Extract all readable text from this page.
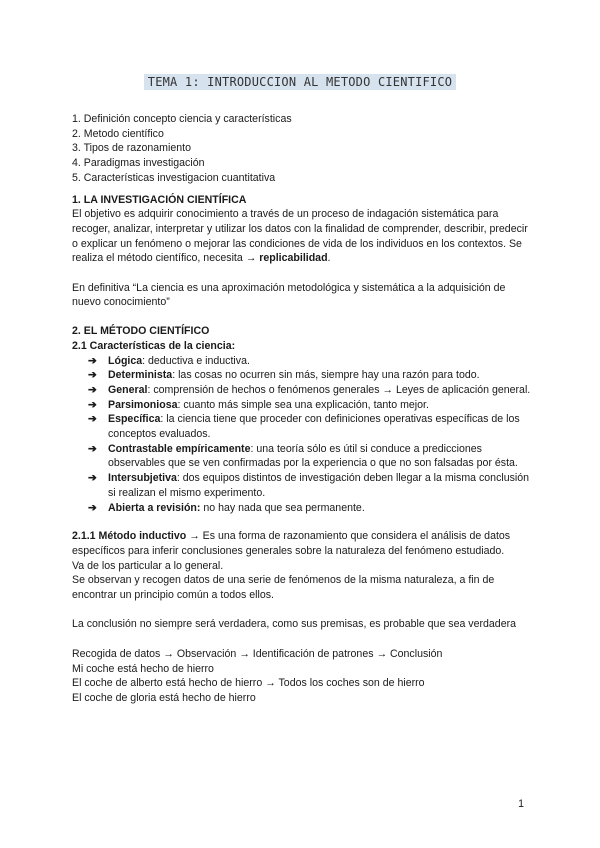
TEMA 1: INTRODUCCION AL METODO CIENTIFICO
1. Definición concepto ciencia y características
2. Metodo científico
3. Tipos de razonamiento
4. Paradigmas investigación
5. Características investigacion cuantitativa
1. LA INVESTIGACIÓN CIENTÍFICA

El objetivo es adquirir conocimiento a través de un proceso de indagación sistemática para recoger, analizar, interpretar y utilizar los datos con la finalidad de comprender, describir, predecir o explicar un fenómeno o mejorar las condiciones de vida de los individuos en los contextos. Se realiza el método científico, necesita → replicabilidad.

En definitiva “La ciencia es una aproximación metodológica y sistemática a la adquisición de nuevo conocimiento”

2. EL MÉTODO CIENTÍFICO
2.1 Características de la ciencia:
➔ Lógica: deductiva e inductiva.
➔ Determinista: las cosas no ocurren sin más, siempre hay una razón para todo.
➔ General: comprensión de hechos o fenómenos generales → Leyes de aplicación general.
➔ Parsimoniosa: cuanto más simple sea una explicación, tanto mejor.
➔ Específica: la ciencia tiene que proceder con definiciones operativas específicas de los conceptos evaluados.
➔ Contrastable empíricamente: una teoría sólo es útil si conduce a predicciones observables que se ven confirmadas por la experiencia o que no son falsadas por ésta.
➔ Intersubjetiva: dos equipos distintos de investigación deben llegar a la misma conclusión si realizan el mismo experimento.
➔ Abierta a revisión: no hay nada que sea permanente.

2.1.1 Método inductivo → Es una forma de razonamiento que considera el análisis de datos específicos para inferir conclusiones generales sobre la naturaleza del fenómeno estudiado.

Va de los particular a lo general.

Se observan y recogen datos de una serie de fenómenos de la misma naturaleza, a fin de encontrar un principio común a todos ellos.

La conclusión no siempre será verdadera, como sus premisas, es probable que sea verdadera

Recogida de datos → Observación → Identificación de patrones → Conclusión

Mi coche está hecho de hierro

El coche de alberto está hecho de hierro → Todos los coches son de hierro

El coche de gloria está hecho de hierro

1
